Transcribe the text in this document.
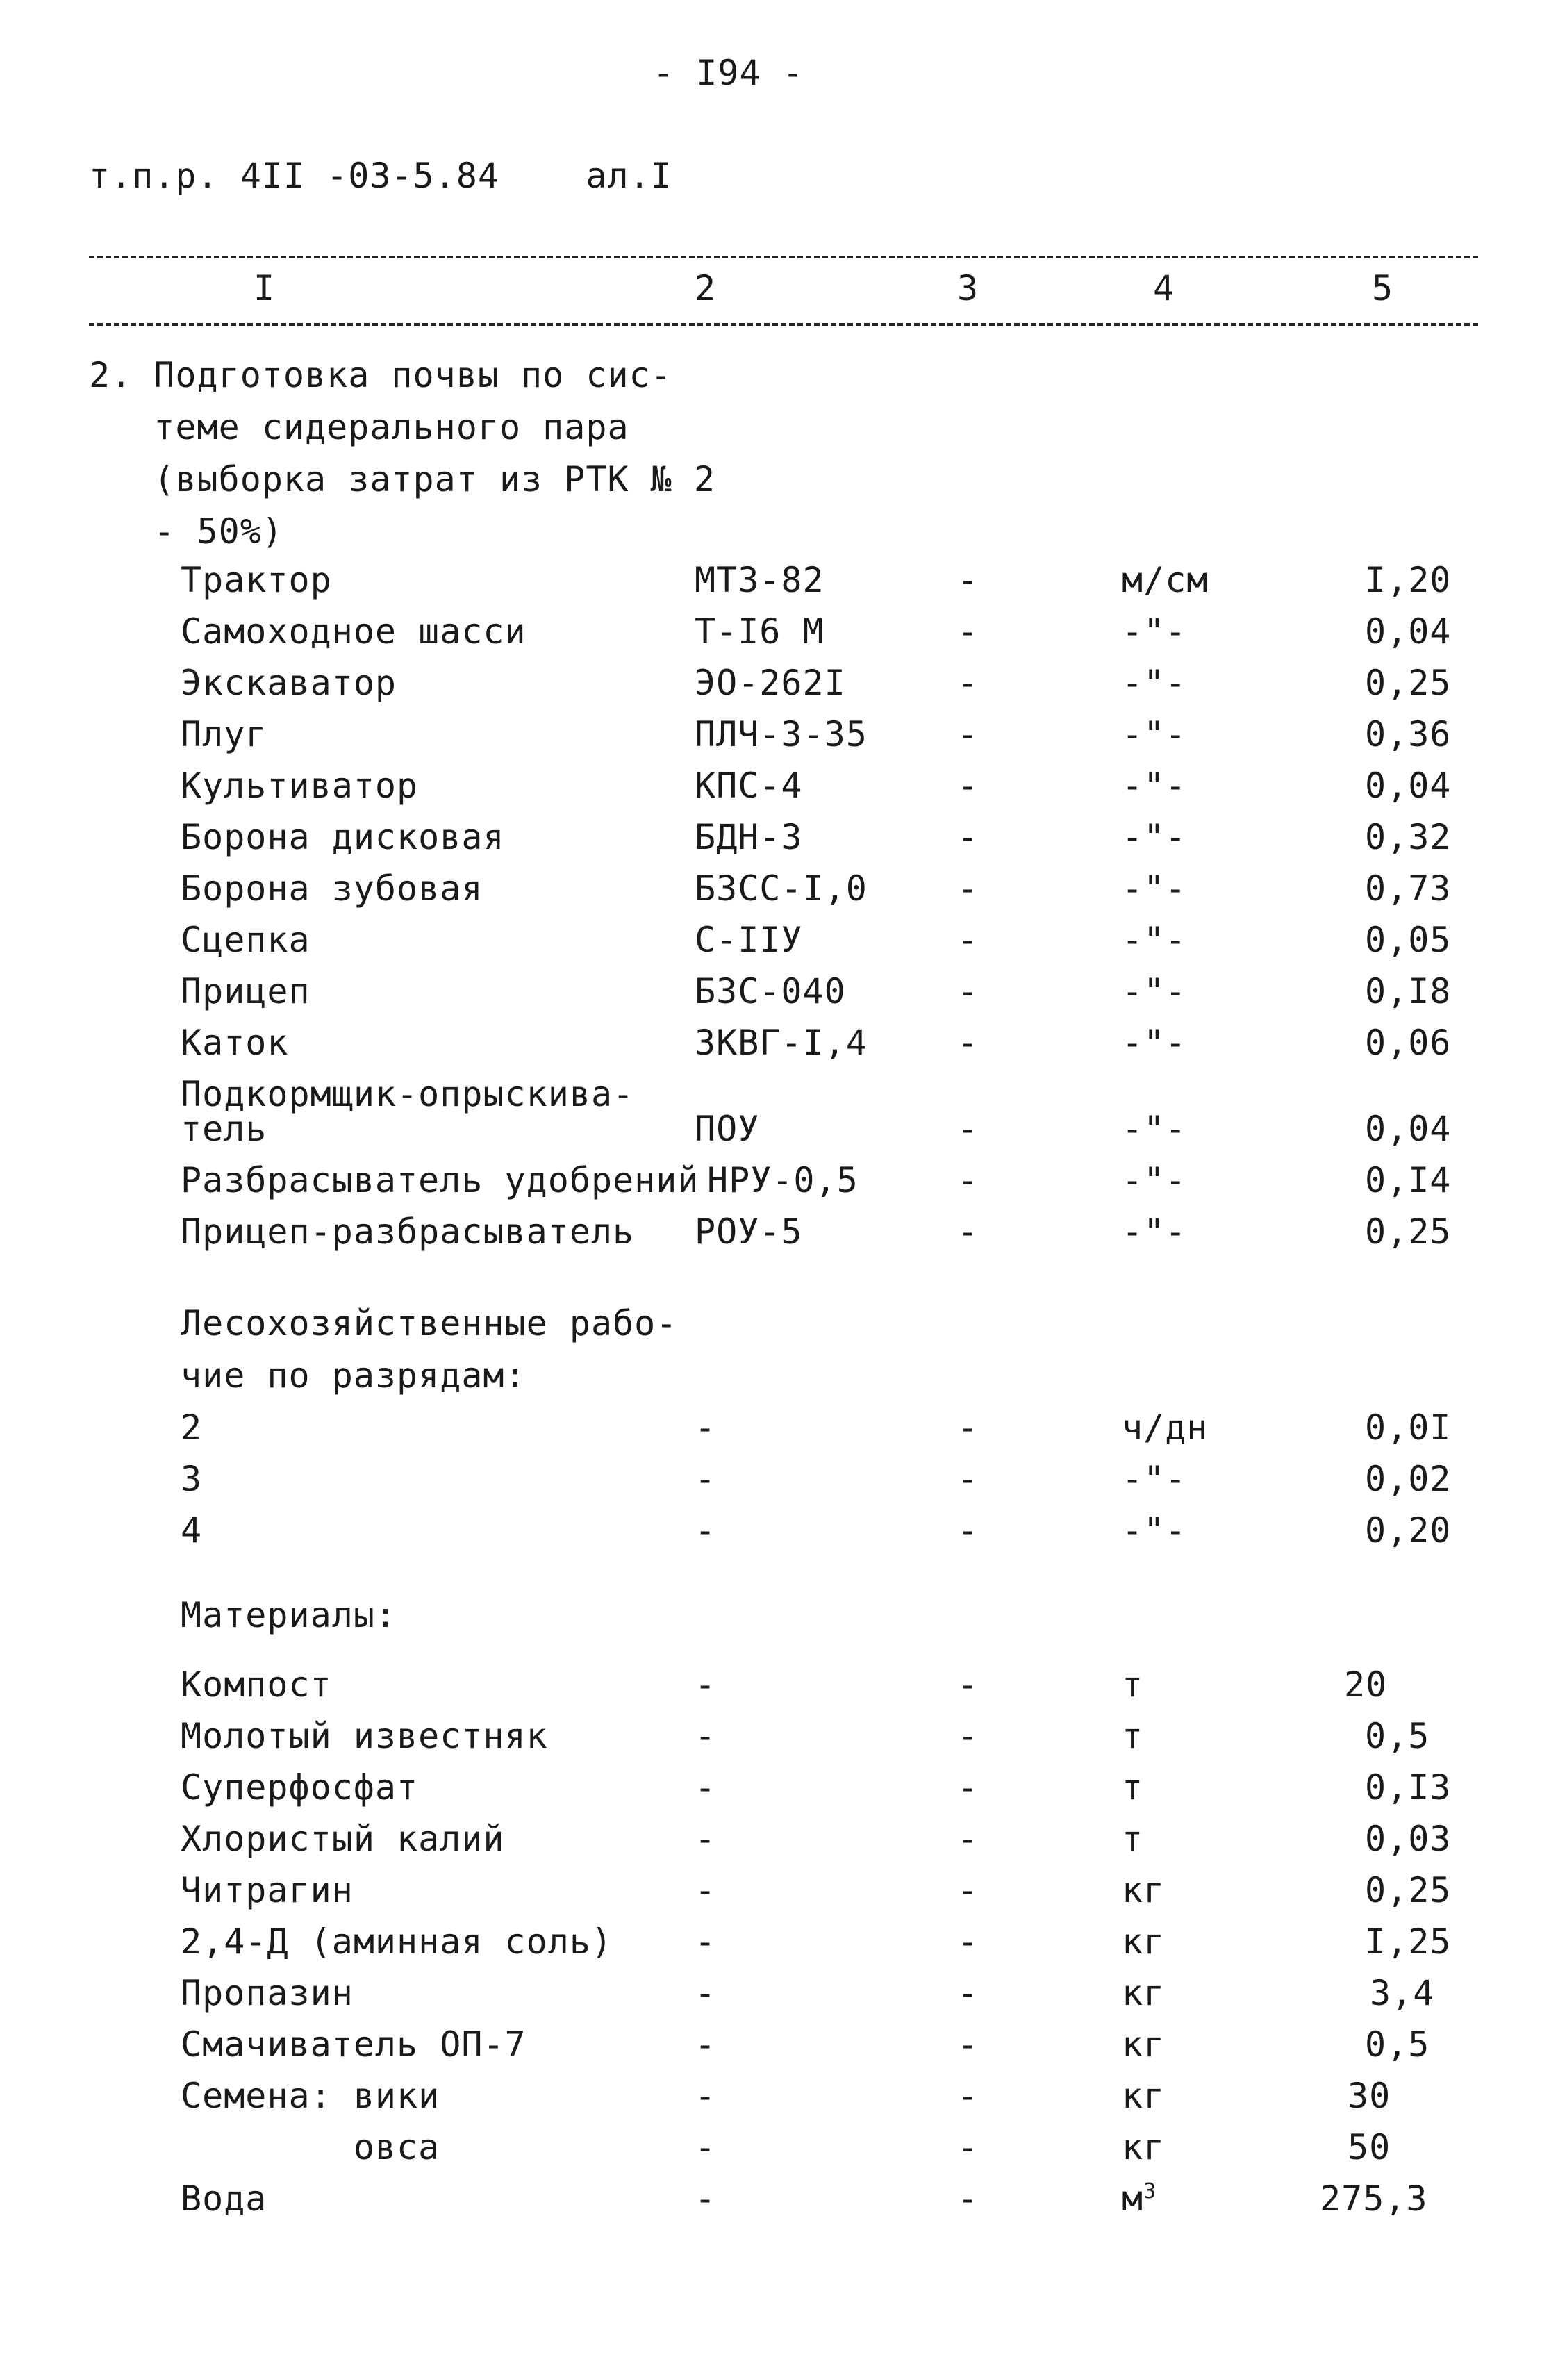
- I94 -
т.п.р. 4II -03-5.84    ал.I
I	2	3	4	5
2. Подготовка почвы по сис-
теме сидерального пара
(выборка затрат из РТК № 2
- 50%)
Трактор	МТЗ-82	-	м/см	I,20
Самоходное шасси	Т-I6 М	-	-"-	0,04
Экскаватор	ЭО-262I	-	-"-	0,25
Плуг	ПЛЧ-3-35	-	-"-	0,36
Культиватор	КПС-4	-	-"-	0,04
Борона дисковая	БДН-3	-	-"-	0,32
Борона зубовая	БЗСС-I,0	-	-"-	0,73
Сцепка	С-IIУ	-	-"-	0,05
Прицеп	БЗС-040	-	-"-	0,I8
Каток	ЗКВГ-I,4	-	-"-	0,06
Подкормщик-опрыскива-
тель	ПОУ	-	-"-	0,04
Разбрасыватель удобрений НРУ-0,5	-	-"-	0,I4
Прицеп-разбрасыватель РОУ-5	-	-"-	0,25
Лесохозяйственные рабо-
чие по разрядам:
2	-	-	ч/дн	0,0I
3	-	-	-"-	0,02
4	-	-	-"-	0,20
Материалы:
Компост	-	-	т	20
Молотый известняк	-	-	т	0,5
Суперфосфат	-	-	т	0,I3
Хлористый калий	-	-	т	0,03
Читрагин	-	-	кг	0,25
2,4-Д (аминная соль) -	-	кг	I,25
Пропазин	-	-	кг	3,4
Смачиватель ОП-7	-	-	кг	0,5
Семена: вики	-	-	кг	30
овса	-	-	кг	50
Вода	-	-	$м^3$	275,3
